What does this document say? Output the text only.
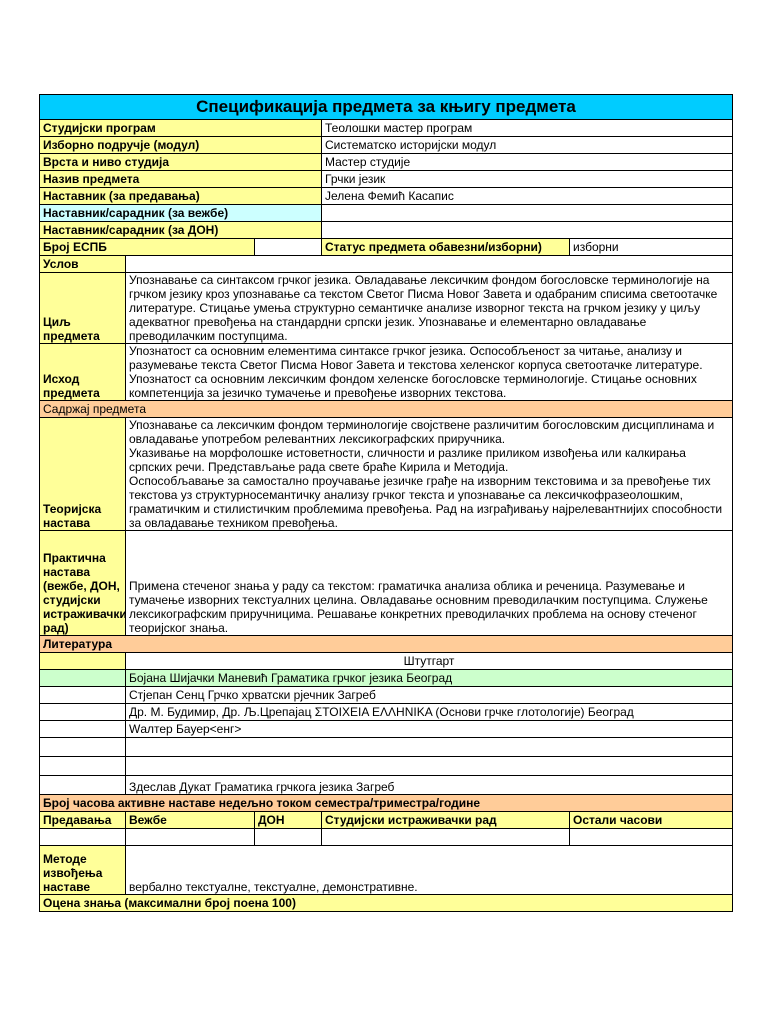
Спецификација предмета за књигу предмета				
Студијски програм			Теолошки мастер програм	
Изборно подручје (модул)			Систематско историјски модул	
Врста и ниво студија			Мастер студије	
Назив предмета			Грчки језик	
Наставник (за предавања)			Јелена Фемић Касапис	
Наставник/сарадник (за вежбе)				
Наставник/сарадник (за ДОН)				
Број ЕСПБ			Статус предмета обавезни/изборни)	изборни
Услов				
Циљ предмета	Упознавање са синтаксом грчког језика. Овладавање лексичким фондом богословске терминологије на грчком језику кроз упознавање са текстом Светог Писма Новог Завета и одабраним списима светоотачке литературе. Стицање умења структурно семантичке анализе изворног текста на грчком језику у циљу адекватног превођења на стандардни српски језик. Упознавање и елементарно овладавање преводилачким поступцима.			
Исход предмета	Упознатост са основним елементима синтаксе грчког језика. Оспособљеност за читање, анализу и разумевање текста Светог Писма Новог Завета и текстова хеленског корпуса светоотачке литературе. Упознатост са основним лексичким фондом хеленске богословске терминологије. Стицање основних компетенција за језичко тумачење и превођење изворних текстова.			
Садржај предмета				
Теоријска настава	Упознавање са лексичким фондом терминологије својствене различитим богословским дисциплинама и овладавање употребом релевантних лексикографских приручника.
Указивање на морфолошке истоветности, сличности и разлике приликом извођења или калкирања српских речи. Представљање рада свете браће Кирила и Методија.
Оспособљавање за самостално проучавање језичке грађе на изворним текстовима и за превођење тих текстова уз структурносемантичку анализу грчког текста и упознавање са лексичкофразеолошким, граматичким и стилистичким проблемима превођења. Рад на изграђивању најрелевантнијих способности за овладавање техником превођења.			

Практична настава (вежбе, ДОН, студијски истраживачки рад)	Примена стеченог знања у раду са текстом: граматичка анализа облика и реченица. Разумевање и тумачење изворних текстуалних целина. Овладавање основним преводилачким поступцима. Служење лексикографским приручницима. Решавање конкретних преводилачких проблема на основу стеченог теоријског знања.			
Литература				
	Штутгарт			
	Бојана Шијачки Маневић Граматика грчког језика Београд			
	Стјепан Сенц Грчко хрватски рјечник Загреб			
	Др. М. Будимир, Др. Љ.Црепајац ΣΤΟΙΧΕΙΑ ΕΛΛΗΝΙΚΑ (Основи грчке глотологије) Београд			
	Wалтер Бауер<енг>			

	Здеслав Дукат Граматика грчкога језика Загреб			
Број часова активне наставе недељно током семестра/триместра/године				
Предавања	Вежбе	ДОН	Студијски истраживачки рад	Остали часови

Методе извођења наставе	вербално текстуалне, текстуалне, демонстративне.			
Оцена знања (максимални број поена 100)				
